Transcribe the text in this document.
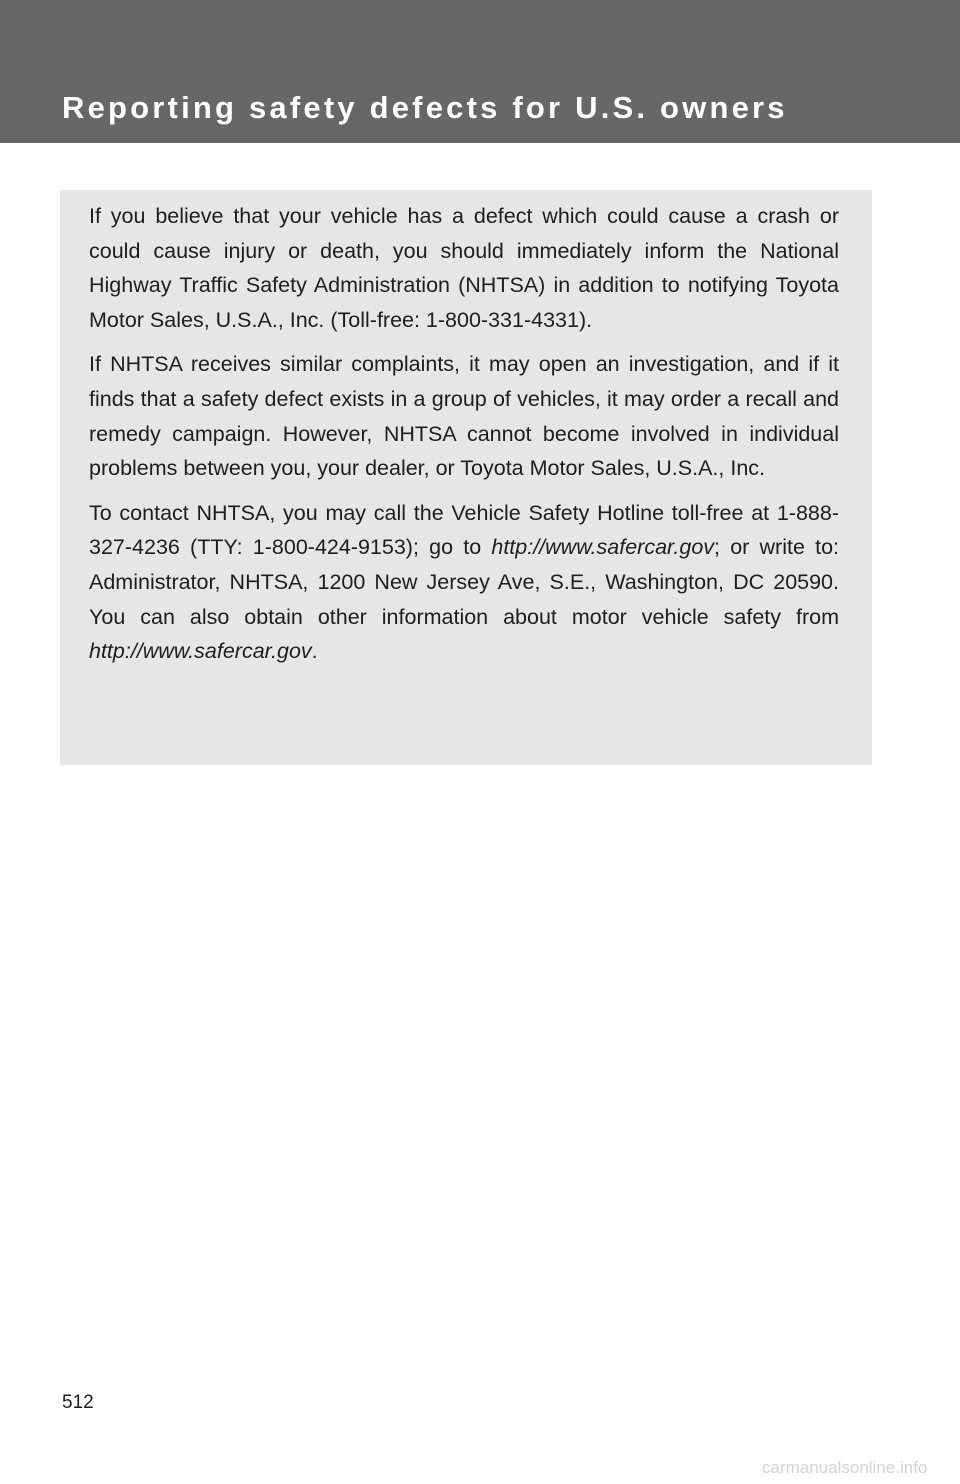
Reporting safety defects for U.S. owners

If you believe that your vehicle has a defect which could cause a crash or could cause injury or death, you should immediately inform the National Highway Traffic Safety Administration (NHTSA) in addition to notifying Toyota Motor Sales, U.S.A., Inc. (Toll-free: 1-800-331-4331).

If NHTSA receives similar complaints, it may open an investigation, and if it finds that a safety defect exists in a group of vehicles, it may order a recall and remedy campaign. However, NHTSA cannot become involved in individual problems between you, your dealer, or Toyota Motor Sales, U.S.A., Inc.

To contact NHTSA, you may call the Vehicle Safety Hotline toll-free at 1-888-327-4236 (TTY: 1-800-424-9153); go to http://www.safercar.gov; or write to: Administrator, NHTSA, 1200 New Jersey Ave, S.E., Washington, DC 20590. You can also obtain other information about motor vehicle safety from http://www.safercar.gov.

512
carmanualsonline.info
